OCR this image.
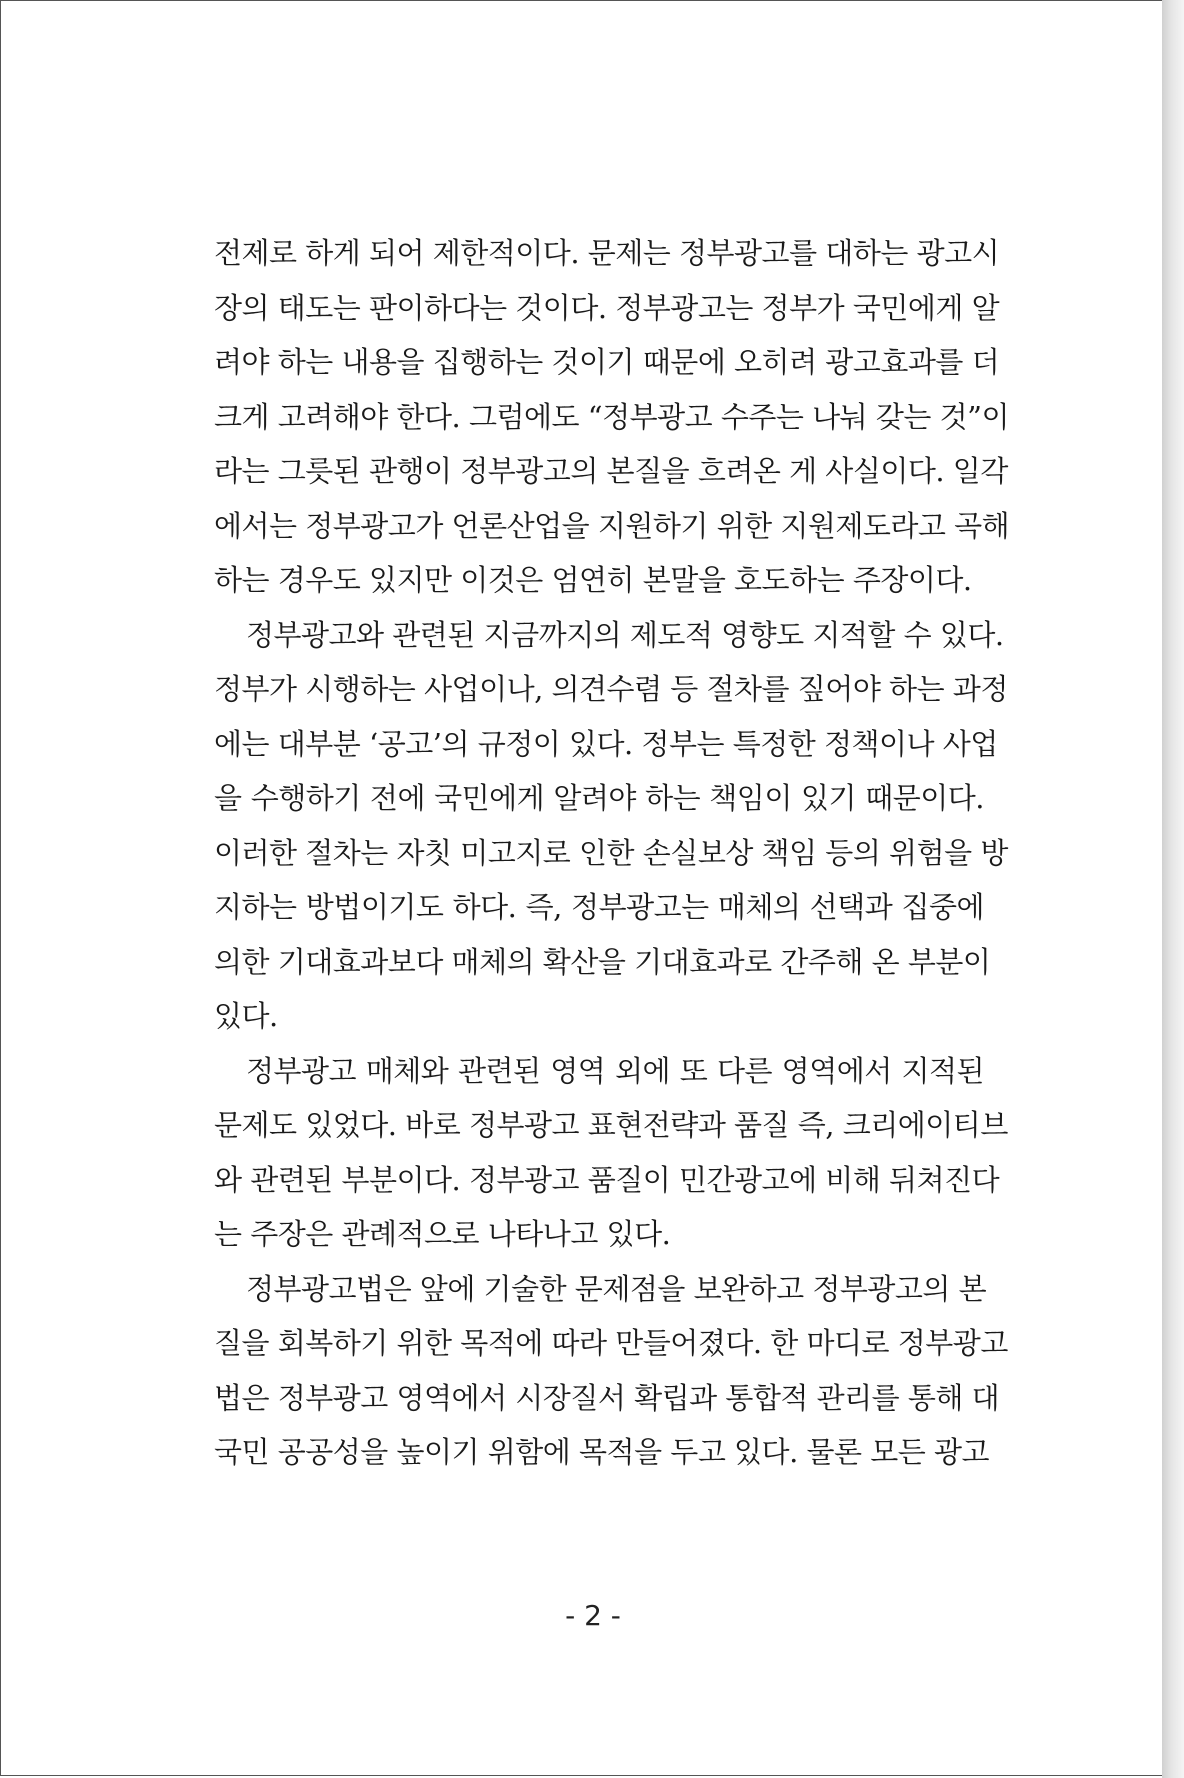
전제로 하게 되어 제한적이다. 문제는 정부광고를 대하는 광고시
장의 태도는 판이하다는 것이다. 정부광고는 정부가 국민에게 알
려야 하는 내용을 집행하는 것이기 때문에 오히려 광고효과를 더
크게 고려해야 한다. 그럼에도 “정부광고 수주는 나눠 갖는 것”이
라는 그릇된 관행이 정부광고의 본질을 흐려온 게 사실이다. 일각
에서는 정부광고가 언론산업을 지원하기 위한 지원제도라고 곡해
하는 경우도 있지만 이것은 엄연히 본말을 호도하는 주장이다.
정부광고와 관련된 지금까지의 제도적 영향도 지적할 수 있다.
정부가 시행하는 사업이나, 의견수렴 등 절차를 짚어야 하는 과정
에는 대부분 ‘공고’의 규정이 있다. 정부는 특정한 정책이나 사업
을 수행하기 전에 국민에게 알려야 하는 책임이 있기 때문이다.
이러한 절차는 자칫 미고지로 인한 손실보상 책임 등의 위험을 방
지하는 방법이기도 하다. 즉, 정부광고는 매체의 선택과 집중에
의한 기대효과보다 매체의 확산을 기대효과로 간주해 온 부분이
있다.
정부광고 매체와 관련된 영역 외에 또 다른 영역에서 지적된
문제도 있었다. 바로 정부광고 표현전략과 품질 즉, 크리에이티브
와 관련된 부분이다. 정부광고 품질이 민간광고에 비해 뒤쳐진다
는 주장은 관례적으로 나타나고 있다.
정부광고법은 앞에 기술한 문제점을 보완하고 정부광고의 본
질을 회복하기 위한 목적에 따라 만들어졌다. 한 마디로 정부광고
법은 정부광고 영역에서 시장질서 확립과 통합적 관리를 통해 대
국민 공공성을 높이기 위함에 목적을 두고 있다. 물론 모든 광고
- 2 -
